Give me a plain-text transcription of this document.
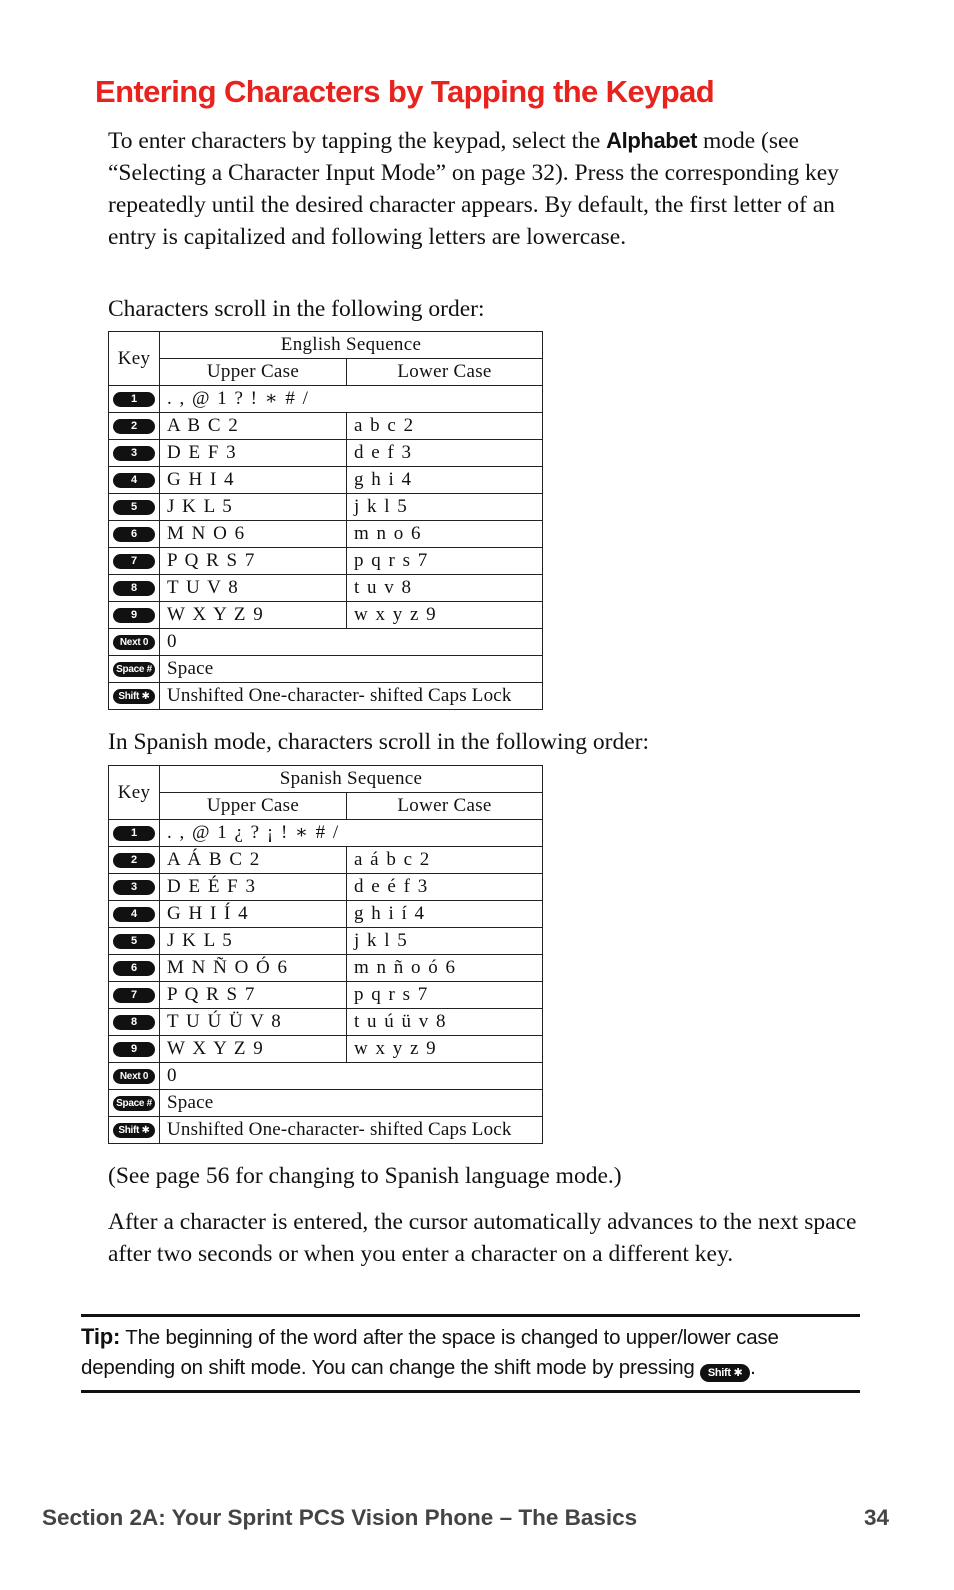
Entering Characters by Tapping the Keypad

To enter characters by tapping the keypad, select the Alphabet mode (see “Selecting a Character Input Mode” on page 32). Press the corresponding key repeatedly until the desired character appears. By default, the first letter of an entry is capitalized and following letters are lowercase.

Characters scroll in the following order:

Key	English Sequence	
	Upper Case	Lower Case
1	. , @ 1 ? ! ∗ # /	
2	A B C 2	a b c 2
3	D E F 3	d e f 3
4	G H I 4	g h i 4
5	J K L 5	j k l 5
6	M N O 6	m n o 6
7	P Q R S 7	p q r s 7
8	T U V 8	t u v 8
9	W X Y Z 9	w x y z 9
Next 0	0	
Space #	Space	
Shift ✱	Unshifted One-character- shifted Caps Lock	

In Spanish mode, characters scroll in the following order:

Key	Spanish Sequence	
	Upper Case	Lower Case
1	. , @ 1 ¿ ? ¡ ! ∗ # /	
2	A Á B C 2	a á b c 2
3	D E É F 3	d e é f 3
4	G H I Í 4	g h i í 4
5	J K L 5	j k l 5
6	M N Ñ O Ó 6	m n ñ o ó 6
7	P Q R S 7	p q r s 7
8	T U Ú Ü V 8	t u ú ü v 8
9	W X Y Z 9	w x y z 9
Next 0	0	
Space #	Space	
Shift ✱	Unshifted One-character- shifted Caps Lock	

(See page 56 for changing to Spanish language mode.)

After a character is entered, the cursor automatically advances to the next space after two seconds or when you enter a character on a different key.

Tip: The beginning of the word after the space is changed to upper/lower case depending on shift mode. You can change the shift mode by pressing Shift ✱ .

Section 2A: Your Sprint PCS Vision Phone – The Basics	34
